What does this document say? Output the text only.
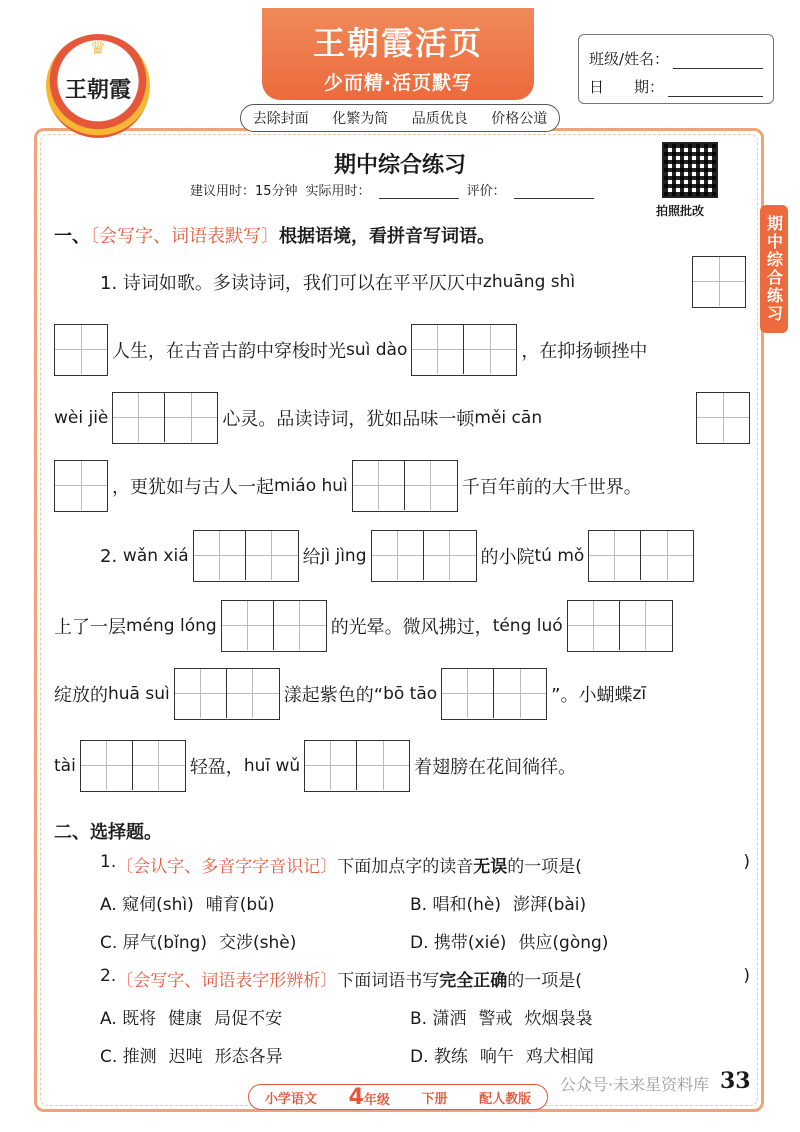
♛
王朝霞
王朝霞活页
少而精·活页默写
去除封面 化繁为简 品质优良 价格公道
班级/姓名：
日　　期：
期中综合练习
期中综合练习
建议用时：15分钟 实际用时：	评价：
拍照批改
一、〔会写字、词语表默写〕根据语境，看拼音写词语。
1. 诗词如歌。多读诗词，我们可以在平平仄仄中 zhuāng shì
人生，在古音古韵中穿梭时光 suì dào	，在抑扬顿挫中
wèi jiè	心灵。品读诗词，犹如品味一顿 měi cān
，更犹如与古人一起 miáo huì	千百年前的大千世界。
2.
wǎn xiá	给 jì jìng	的小院 tú mǒ
上了一层 méng lóng	的光晕。微风拂过， téng luó
绽放的 huā suì	漾起紫色的“ bō tāo	”。小蝴蝶 zī
tài	轻盈， huī wǔ	着翅膀在花间徜徉。
二、选择题。
1. 〔会认字、多音字字音识记〕 下面加点字的读音 无误 的一项是(	)
A. 窥伺(shì) 哺育(bǔ)	B. 唱和(hè) 澎湃(bài)
C. 屏气(bǐng) 交涉(shè)	D. 携带(xié) 供应(gòng)
2. 〔会写字、词语表字形辨析〕 下面词语书写 完全正确 的一项是(	)
A. 既将 健康 局促不安	B. 潇洒 警戒 炊烟袅袅
C. 推测 迟吨 形态各异	D. 教练 响午 鸡犬相闻
小学语文 4年级 下册 配人教版
公众号·未来星资料库 33
